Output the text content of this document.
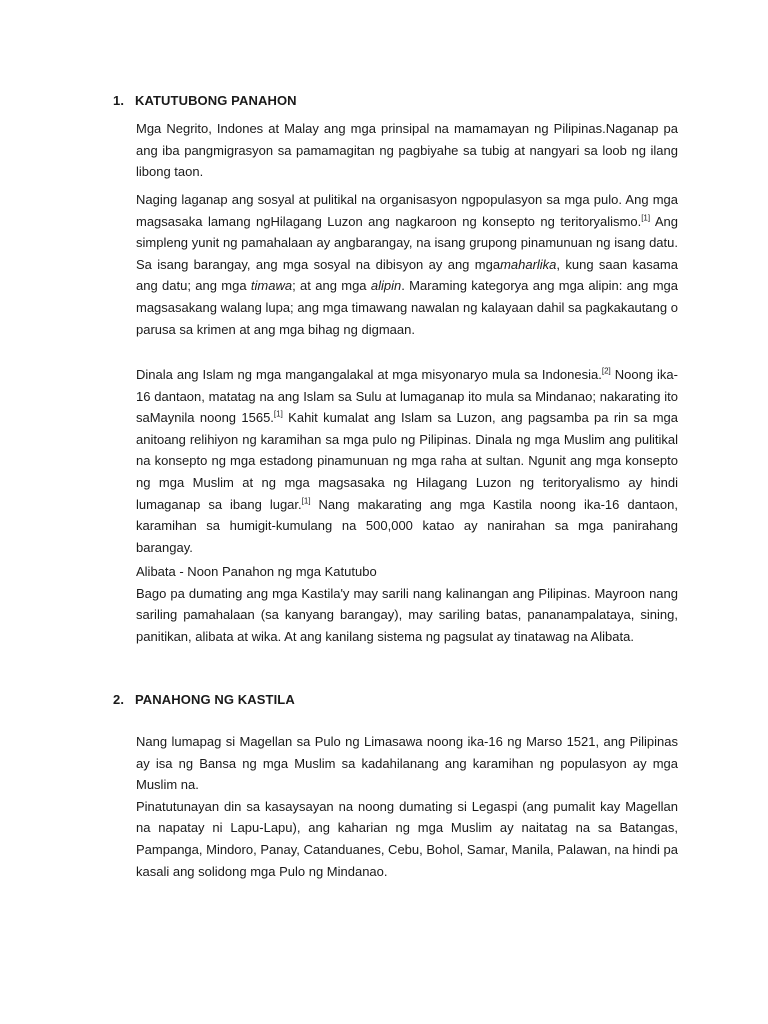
1. KATUTUBONG PANAHON

Mga Negrito, Indones at Malay ang mga prinsipal na mamamayan ng Pilipinas.Naganap pa ang iba pangmigrasyon sa pamamagitan ng pagbiyahe sa tubig at nangyari sa loob ng ilang libong taon.

Naging laganap ang sosyal at pulitikal na organisasyon ngpopulasyon sa mga pulo. Ang mga magsasaka lamang ngHilagang Luzon ang nagkaroon ng konsepto ng teritoryalismo.[1] Ang simpleng yunit ng pamahalaan ay angbarangay, na isang grupong pinamunuan ng isang datu. Sa isang barangay, ang mga sosyal na dibisyon ay ang mgamaharlika, kung saan kasama ang datu; ang mga timawa; at ang mga alipin. Maraming kategorya ang mga alipin: ang mga magsasakang walang lupa; ang mga timawang nawalan ng kalayaan dahil sa pagkakautang o parusa sa krimen at ang mga bihag ng digmaan.

Dinala ang Islam ng mga mangangalakal at mga misyonaryo mula sa Indonesia.[2] Noong ika-16 dantaon, matatag na ang Islam sa Sulu at lumaganap ito mula sa Mindanao; nakarating ito saMaynila noong 1565.[1] Kahit kumalat ang Islam sa Luzon, ang pagsamba pa rin sa mga anitoang relihiyon ng karamihan sa mga pulo ng Pilipinas. Dinala ng mga Muslim ang pulitikal na konsepto ng mga estadong pinamunuan ng mga raha at sultan. Ngunit ang mga konsepto ng mga Muslim at ng mga magsasaka ng Hilagang Luzon ng teritoryalismo ay hindi lumaganap sa ibang lugar.[1] Nang makarating ang mga Kastila noong ika-16 dantaon, karamihan sa humigit-kumulang na 500,000 katao ay nanirahan sa mga panirahang barangay.

Alibata - Noon Panahon ng mga Katutubo
Bago pa dumating ang mga Kastila'y may sarili nang kalinangan ang Pilipinas. Mayroon nang sariling pamahalaan (sa kanyang barangay), may sariling batas, pananampalataya, sining, panitikan, alibata at wika. At ang kanilang sistema ng pagsulat ay tinatawag na Alibata.

2. PANAHONG NG KASTILA

Nang lumapag si Magellan sa Pulo ng Limasawa noong ika-16 ng Marso 1521, ang Pilipinas ay isa ng Bansa ng mga Muslim sa kadahilanang ang karamihan ng populasyon ay mga Muslim na.
Pinatutunayan din sa kasaysayan na noong dumating si Legaspi (ang pumalit kay Magellan na napatay ni Lapu-Lapu), ang kaharian ng mga Muslim ay naitatag na sa Batangas, Pampanga, Mindoro, Panay, Catanduanes, Cebu, Bohol, Samar, Manila, Palawan, na hindi pa kasali ang solidong mga Pulo ng Mindanao.
